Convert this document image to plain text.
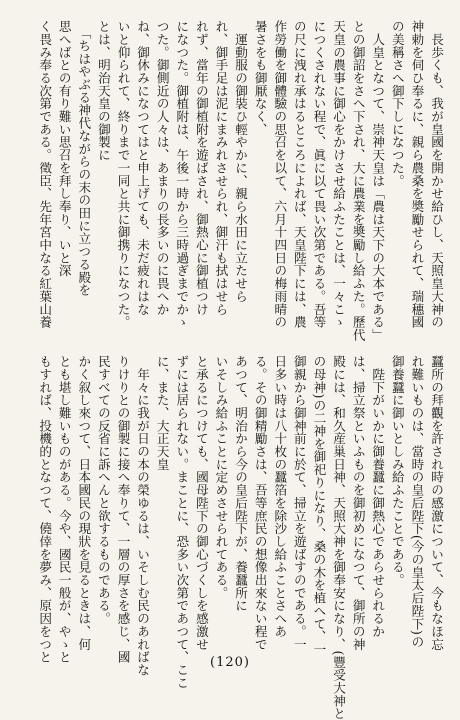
　長歩くも、我が皇國を開かせ給ひし、天照皇大神の
神勅を伺ひ奉るに、親ら農桑を奬勵せられて、瑞穗國
の美稱さへ御下しになつた。
　人皇となつて、崇神天皇は「農は天下の大本である」
との御詔をさへ下され、大に農業を奬勵し給ふた。歷代
天皇の農事に御心をかけさせ給ふたことは、一々こゝ
につくされない程で、眞に以て畏い次第である。吾等
の尺に洩れ承はるところによれば、天皇陛下には、農
作勞働を御體驗の思召を以て、六月十四日の梅雨晴の
暑さをも御厭なく、
　運動服の御裝ひ輕やかに、親ら水田に立たせら
れ、御手足は泥にまみれさせられ、御汗も拭はせら
れず、當年の御植附を遊ばされ、御熱心に御植つけ
になつた。御植附は、午後一時から三時過ぎまでかゝ
つた。御側近の人々は、あまりの長多いのに畏へか
ね、御休みになつてはと申上げても、未だ疲れはな
いと仰られて、終りまで一同と共に御携りになつた。
とは、明治天皇の御製に
　「ちはやぶる神代ながらの末の田に立つる殿を
思へばとの有り難い思召を拜し奉り、いと深
く畏み奉る次第である。徵臣、先年宮中なる紅葉山養
蠶所の拜觀を許され時の感激について、今もなほ忘
れ難いものは、當時の皇后陛下(今の皇太后陛下)の
御養蠶に御いとしみ給ふたことである。
　陛下がいかに御養蠶に御熱心であらせられるか
は、掃立祭といふものを御初めになつて、御所の神
殿には、和久産巢日神、天照大神を御奉安になり、(豐受大神と
の母神)の二神を御祀りになり、桑の木を植へて、一
御親から御神前に於て、掃立を遊ばすのである。一
日多い時は八十枚の蠶箔を除沙し給ふことさへあ
る。その御精勵さは、吾等庶民の想像出來ない程で
あつて、明治から今の皇后陛下が、養蠶所に
いそしみ給ふことに定めさせられてある。
と承るにつけても、國母陛下の御心づくしを感激せ
ずには居られない。まことに、恐多い次第であつて、ここ
に、また、大正天皇
　年々に我が日の本の榮ゆるは、いそしむ民のあればな
りけりとの御製に接へ奉りて、一層の厚さを感じ、國
民すべての反省に訴へんと欲するものである。
かく叙し來つて、日本國民の現狀を見るときは、何
とも堪し難いものがある。今や、國民一般が、やゝと
もすれば、投機的となつて、僥倖を夢み、原因をつと	(120)
